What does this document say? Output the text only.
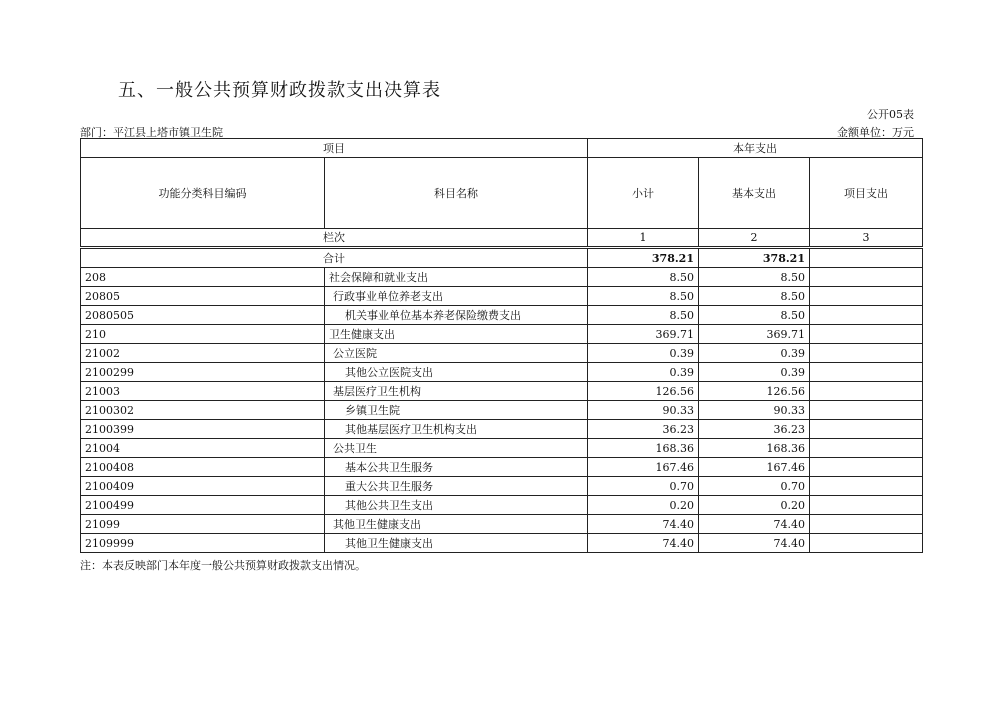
五、一般公共预算财政拨款支出决算表
公开05表
部门：平江县上塔市镇卫生院	金额单位：万元
项目		本年支出		
功能分类科目编码	科目名称	小计	基本支出	项目支出
栏次		1	2	3
合计		378.21	378.21	
208	社会保障和就业支出	8.50	8.50	
20805	行政事业单位养老支出	8.50	8.50	
2080505	机关事业单位基本养老保险缴费支出	8.50	8.50	
210	卫生健康支出	369.71	369.71	
21002	公立医院	0.39	0.39	
2100299	其他公立医院支出	0.39	0.39	
21003	基层医疗卫生机构	126.56	126.56	
2100302	乡镇卫生院	90.33	90.33	
2100399	其他基层医疗卫生机构支出	36.23	36.23	
21004	公共卫生	168.36	168.36	
2100408	基本公共卫生服务	167.46	167.46	
2100409	重大公共卫生服务	0.70	0.70	
2100499	其他公共卫生支出	0.20	0.20	
21099	其他卫生健康支出	74.40	74.40	
2109999	其他卫生健康支出	74.40	74.40	
注：本表反映部门本年度一般公共预算财政拨款支出情况。
